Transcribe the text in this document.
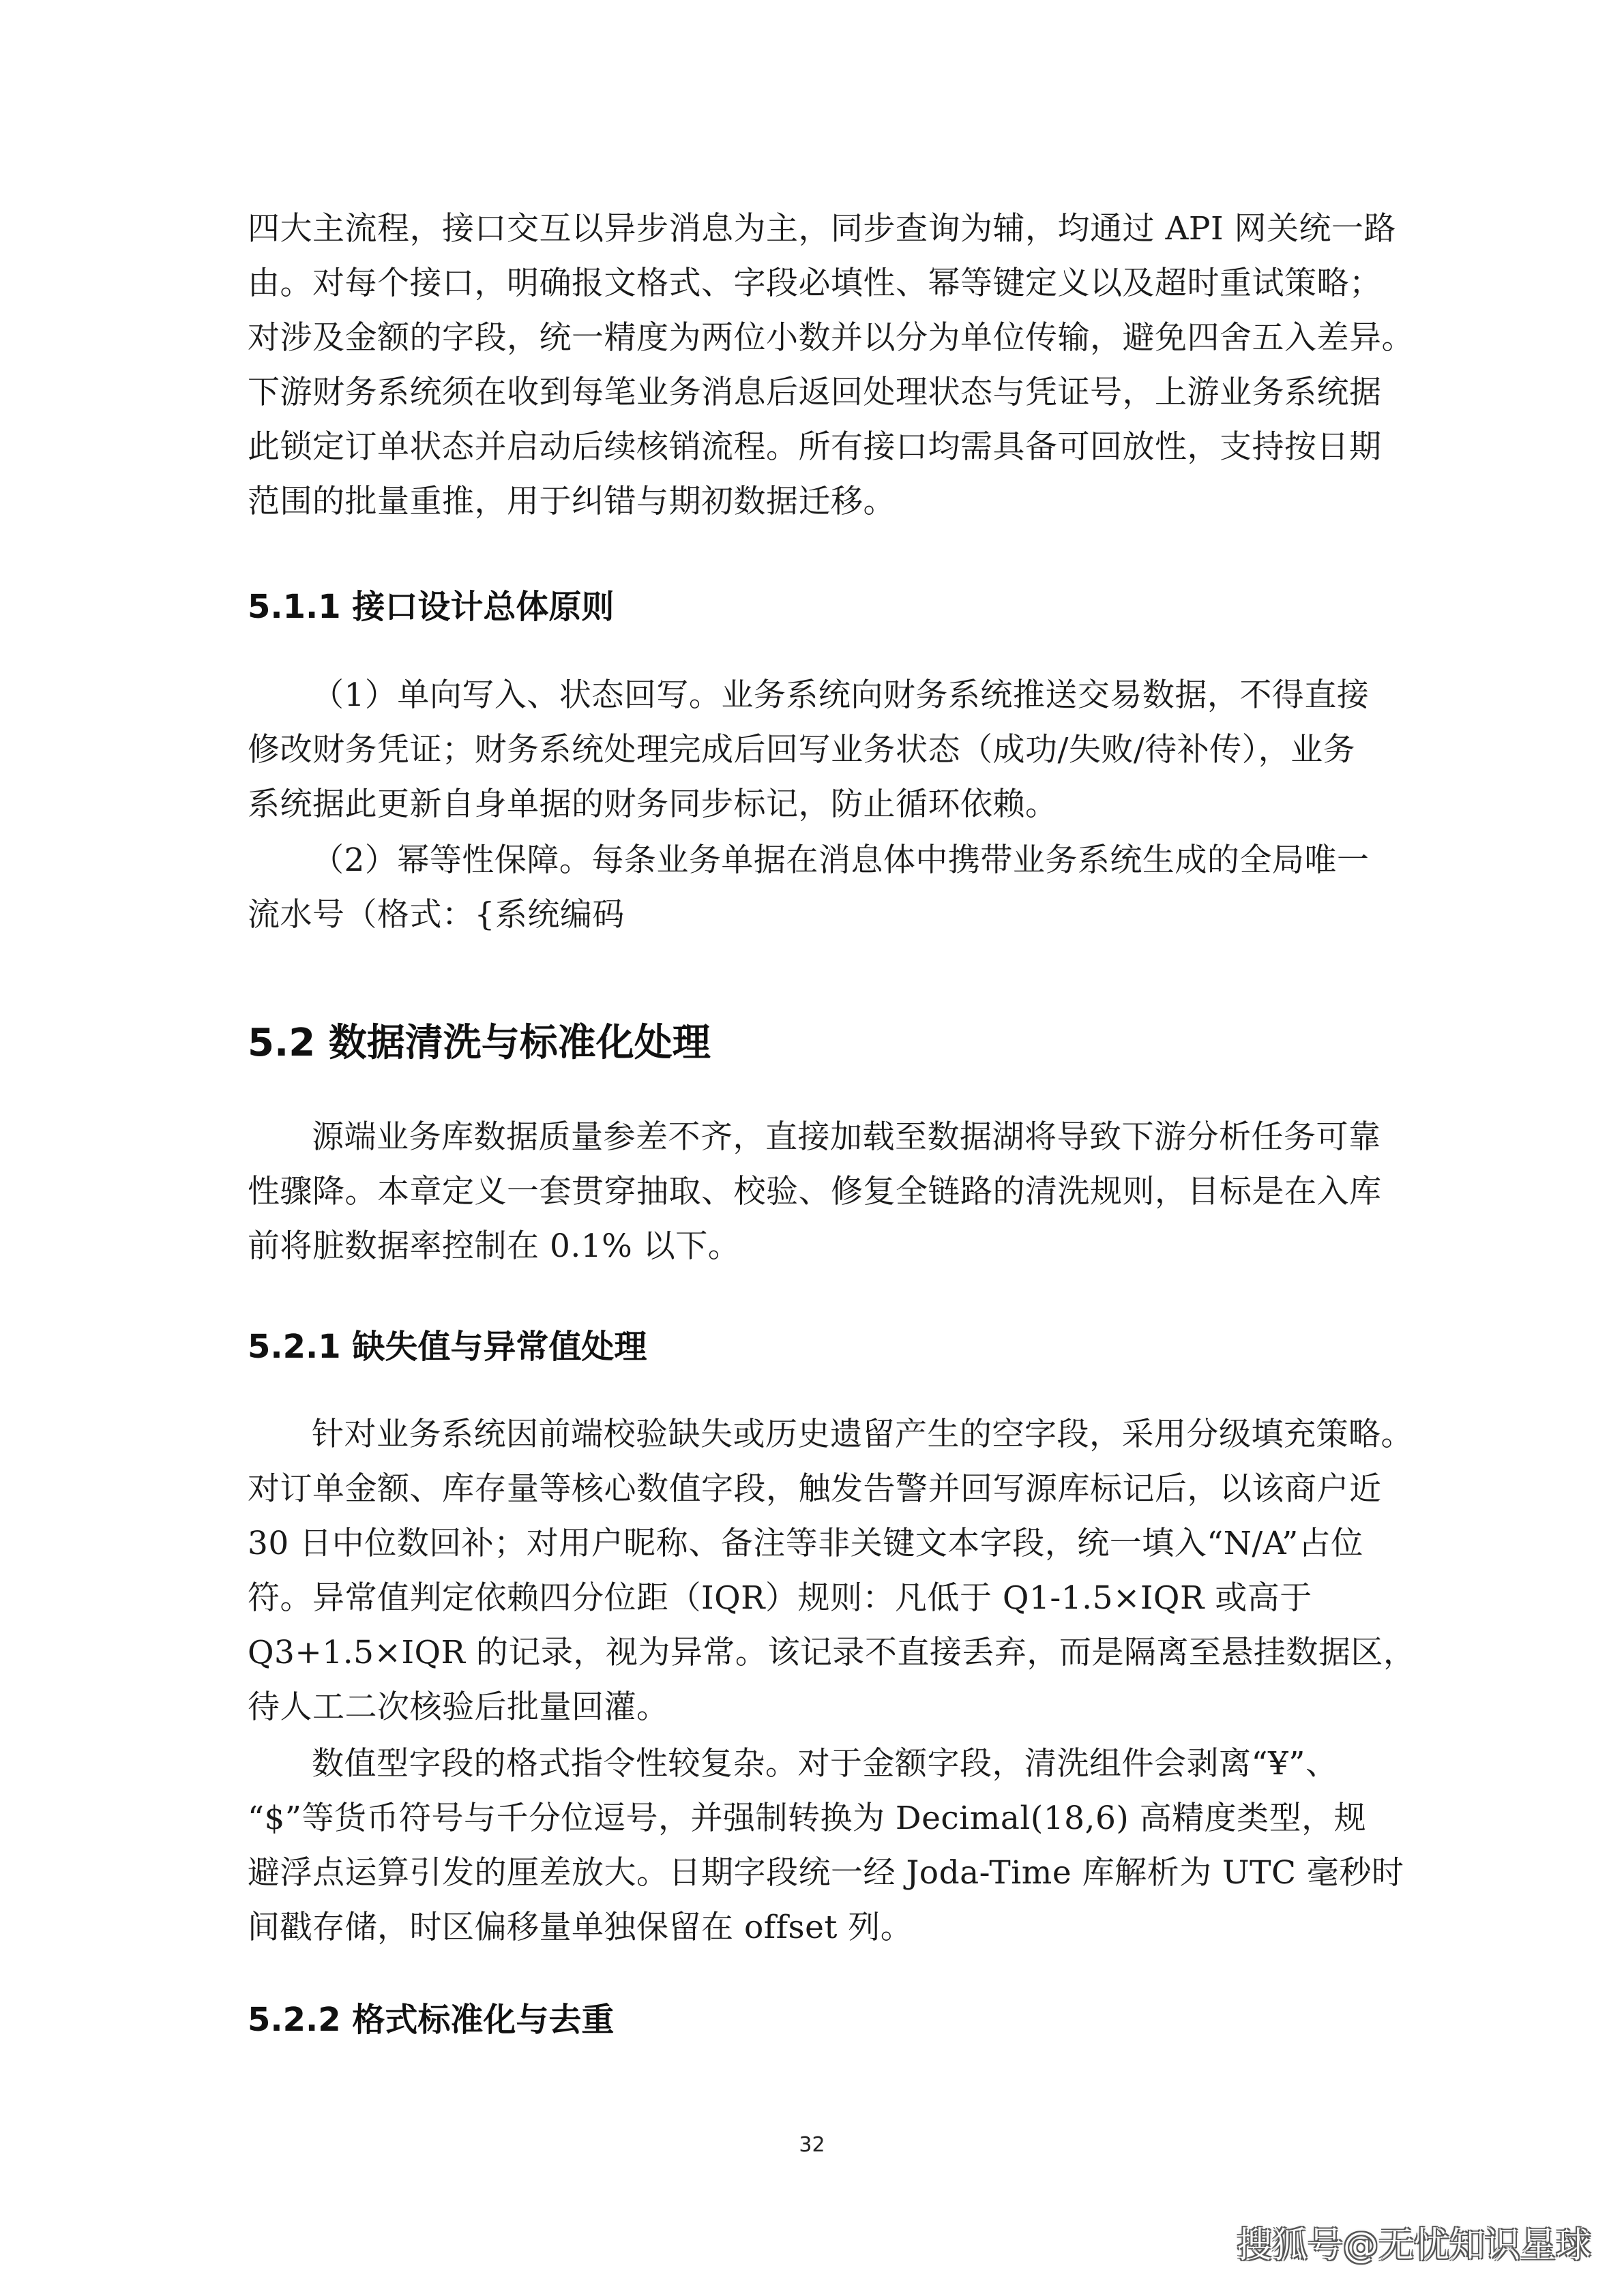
四大主流程，接口交互以异步消息为主，同步查询为辅，均通过 API 网关统一路
由。对每个接口，明确报文格式、字段必填性、幂等键定义以及超时重试策略；
对涉及金额的字段，统一精度为两位小数并以分为单位传输，避免四舍五入差异。
下游财务系统须在收到每笔业务消息后返回处理状态与凭证号，上游业务系统据
此锁定订单状态并启动后续核销流程。所有接口均需具备可回放性，支持按日期
范围的批量重推，用于纠错与期初数据迁移。
5.1.1 接口设计总体原则
（1）单向写入、状态回写。业务系统向财务系统推送交易数据，不得直接
修改财务凭证；财务系统处理完成后回写业务状态（成功/失败/待补传），业务
系统据此更新自身单据的财务同步标记，防止循环依赖。
（2）幂等性保障。每条业务单据在消息体中携带业务系统生成的全局唯一
流水号（格式：{系统编码
5.2 数据清洗与标准化处理
源端业务库数据质量参差不齐，直接加载至数据湖将导致下游分析任务可靠
性骤降。本章定义一套贯穿抽取、校验、修复全链路的清洗规则，目标是在入库
前将脏数据率控制在 0.1% 以下。
5.2.1 缺失值与异常值处理
针对业务系统因前端校验缺失或历史遗留产生的空字段，采用分级填充策略。
对订单金额、库存量等核心数值字段，触发告警并回写源库标记后，以该商户近
30 日中位数回补；对用户昵称、备注等非关键文本字段，统一填入“N/A”占位
符。异常值判定依赖四分位距（IQR）规则：凡低于 Q1-1.5×IQR 或高于
Q3+1.5×IQR 的记录，视为异常。该记录不直接丢弃，而是隔离至悬挂数据区，
待人工二次核验后批量回灌。
数值型字段的格式指令性较复杂。对于金额字段，清洗组件会剥离“¥”、
“$”等货币符号与千分位逗号，并强制转换为 Decimal(18,6) 高精度类型，规
避浮点运算引发的厘差放大。日期字段统一经 Joda-Time 库解析为 UTC 毫秒时
间戳存储，时区偏移量单独保留在 offset 列。
5.2.2 格式标准化与去重
32
搜狐号@无忧知识星球
